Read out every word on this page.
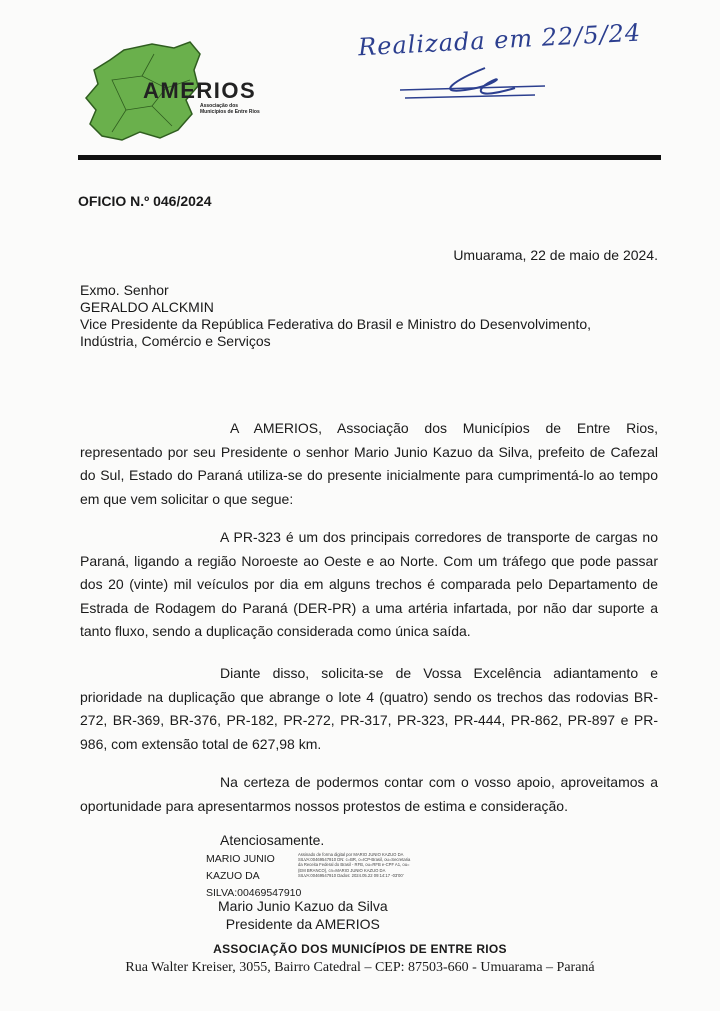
AMERIOS
Associação dos Municípios de Entre Rios
Realizada em 22/5/24
OFICIO N.º 046/2024
Umuarama, 22 de maio de 2024.
Exmo. Senhor
GERALDO ALCKMIN
Vice Presidente da República Federativa do Brasil e Ministro do Desenvolvimento,
Indústria, Comércio e Serviços
A AMERIOS, Associação dos Municípios de Entre Rios, representado por seu Presidente o senhor Mario Junio Kazuo da Silva, prefeito de Cafezal do Sul, Estado do Paraná utiliza-se do presente inicialmente para cumprimentá-lo ao tempo em que vem solicitar o que segue:
A PR-323 é um dos principais corredores de transporte de cargas no Paraná, ligando a região Noroeste ao Oeste e ao Norte. Com um tráfego que pode passar dos 20 (vinte) mil veículos por dia em alguns trechos é comparada pelo Departamento de Estrada de Rodagem do Paraná (DER-PR) a uma artéria infartada, por não dar suporte a tanto fluxo, sendo a duplicação considerada como única saída.
Diante disso, solicita-se de Vossa Excelência adiantamento e prioridade na duplicação que abrange o lote 4 (quatro) sendo os trechos das rodovias BR-272, BR-369, BR-376, PR-182, PR-272, PR-317, PR-323, PR-444, PR-862, PR-897 e PR-986, com extensão total de 627,98 km.
Na certeza de podermos contar com o vosso apoio, aproveitamos a oportunidade para apresentarmos nossos protestos de estima e consideração.
Atenciosamente.
MARIO JUNIO
KAZUO DA
SILVA:00469547910
Assinado de forma digital por MARIO JUNIO KAZUO DA SILVA:00469547910 DN: c=BR, o=ICP-Brasil, ou=Secretaria da Receita Federal do Brasil - RFB, ou=RFB e-CPF A1, ou=(EM BRANCO), cn=MARIO JUNIO KAZUO DA SILVA:00469547910 Dados: 2024.05.22 09:14:17 -03'00'
Mario Junio Kazuo da Silva
Presidente da AMERIOS
ASSOCIAÇÃO DOS MUNICÍPIOS DE ENTRE RIOS
Rua Walter Kreiser, 3055, Bairro Catedral – CEP: 87503-660 - Umuarama – Paraná
